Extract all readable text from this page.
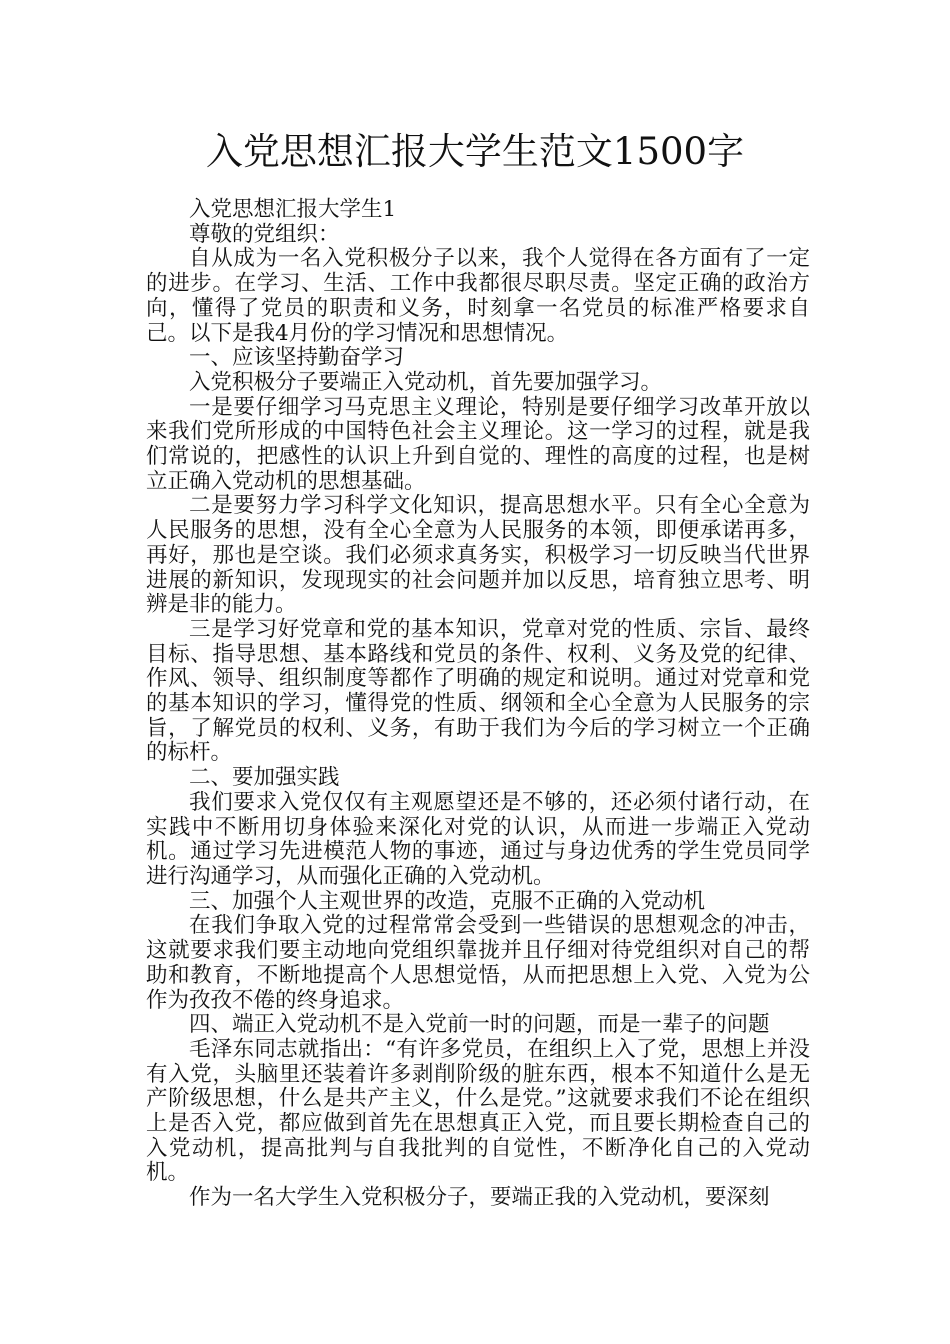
入党思想汇报大学生范文1500字

入党思想汇报大学生1

尊敬的党组织：

自从成为一名入党积极分子以来，我个人觉得在各方面有了一定的进步。在学习、生活、工作中我都很尽职尽责。坚定正确的政治方向，懂得了党员的职责和义务，时刻拿一名党员的标准严格要求自己。以下是我4月份的学习情况和思想情况。

一、应该坚持勤奋学习

入党积极分子要端正入党动机，首先要加强学习。

一是要仔细学习马克思主义理论，特别是要仔细学习改革开放以来我们党所形成的中国特色社会主义理论。这一学习的过程，就是我们常说的，把感性的认识上升到自觉的、理性的高度的过程，也是树立正确入党动机的思想基础。

二是要努力学习科学文化知识，提高思想水平。只有全心全意为人民服务的思想，没有全心全意为人民服务的本领，即便承诺再多，再好，那也是空谈。我们必须求真务实，积极学习一切反映当代世界进展的新知识，发现现实的社会问题并加以反思，培育独立思考、明辨是非的能力。

三是学习好党章和党的基本知识，党章对党的性质、宗旨、最终目标、指导思想、基本路线和党员的条件、权利、义务及党的纪律、作风、领导、组织制度等都作了明确的规定和说明。通过对党章和党的基本知识的学习，懂得党的性质、纲领和全心全意为人民服务的宗旨，了解党员的权利、义务，有助于我们为今后的学习树立一个正确的标杆。

二、要加强实践

我们要求入党仅仅有主观愿望还是不够的，还必须付诸行动，在实践中不断用切身体验来深化对党的认识，从而进一步端正入党动机。通过学习先进模范人物的事迹，通过与身边优秀的学生党员同学进行沟通学习，从而强化正确的入党动机。

三、加强个人主观世界的改造，克服不正确的入党动机

在我们争取入党的过程常常会受到一些错误的思想观念的冲击，这就要求我们要主动地向党组织靠拢并且仔细对待党组织对自己的帮助和教育，不断地提高个人思想觉悟，从而把思想上入党、入党为公作为孜孜不倦的终身追求。

四、端正入党动机不是入党前一时的问题，而是一辈子的问题

毛泽东同志就指出：“有许多党员，在组织上入了党，思想上并没有入党，头脑里还装着许多剥削阶级的脏东西，根本不知道什么是无产阶级思想，什么是共产主义，什么是党。”这就要求我们不论在组织上是否入党，都应做到首先在思想真正入党，而且要长期检查自己的入党动机，提高批判与自我批判的自觉性，不断净化自己的入党动机。

作为一名大学生入党积极分子，要端正我的入党动机，要深刻
